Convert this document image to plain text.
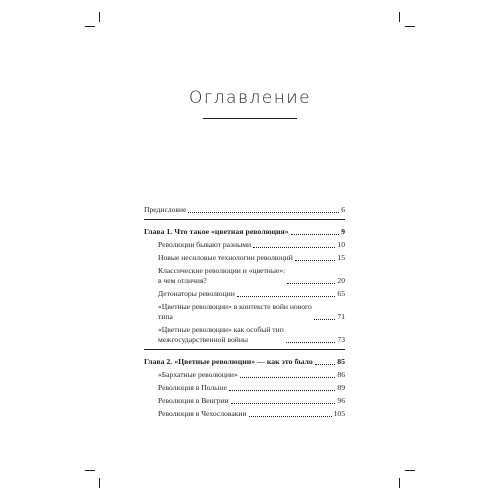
Оглавление
Предисловие	6
Глава 1. Что такое «цветная революция»	9
Революции бывают разными	10
Новые несиловые технологии революций	15
Классические революции и «цветные»:
в чем отличия?	20
Детонаторы революции	65
«Цветные революции» в контексте войн нового
типа	71
«Цветные революции» как особый тип
межгосударственной войны	73
Глава 2. «Цветные революции» — как это было	85
«Бархатные революции»	86
Революция в Польше	89
Революция в Венгрии	96
Революция в Чехословакии	105
